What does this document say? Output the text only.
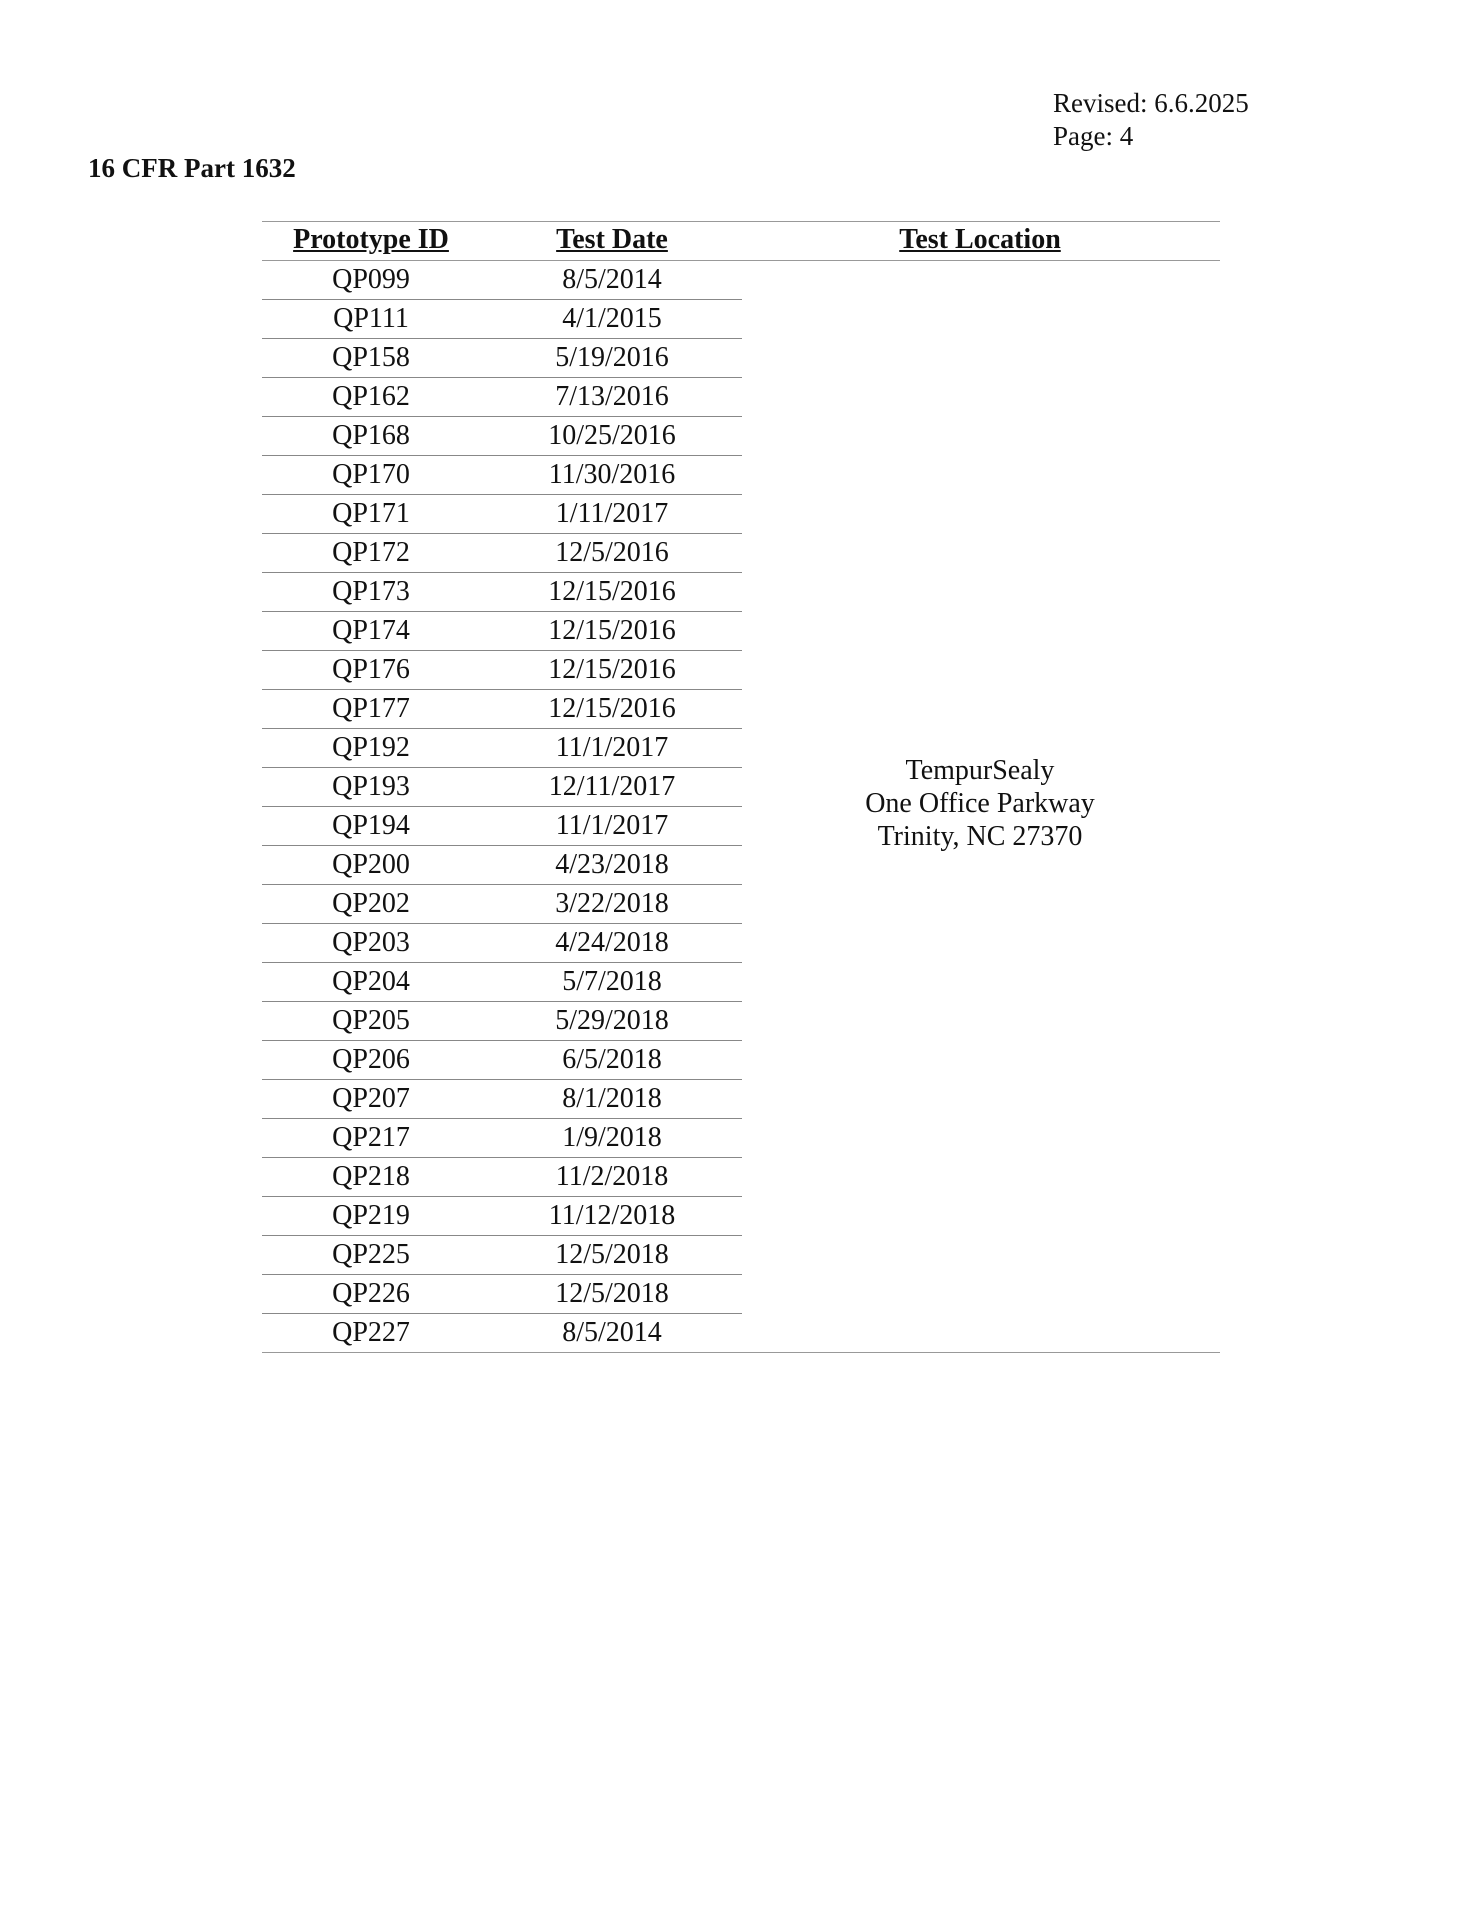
Revised: 6.6.2025
Page: 4
16 CFR Part 1632
Prototype ID	Test Date	Test Location
QP099	8/5/2014
QP111	4/1/2015
QP158	5/19/2016
QP162	7/13/2016
QP168	10/25/2016
QP170	11/30/2016
QP171	1/11/2017
QP172	12/5/2016
QP173	12/15/2016
QP174	12/15/2016
QP176	12/15/2016
QP177	12/15/2016
QP192	11/1/2017
QP193	12/11/2017
QP194	11/1/2017
QP200	4/23/2018
QP202	3/22/2018
QP203	4/24/2018
QP204	5/7/2018
QP205	5/29/2018
QP206	6/5/2018
QP207	8/1/2018
QP217	1/9/2018
QP218	11/2/2018
QP219	11/12/2018
QP225	12/5/2018
QP226	12/5/2018
QP227	8/5/2014
TempurSealy
One Office Parkway
Trinity, NC 27370
